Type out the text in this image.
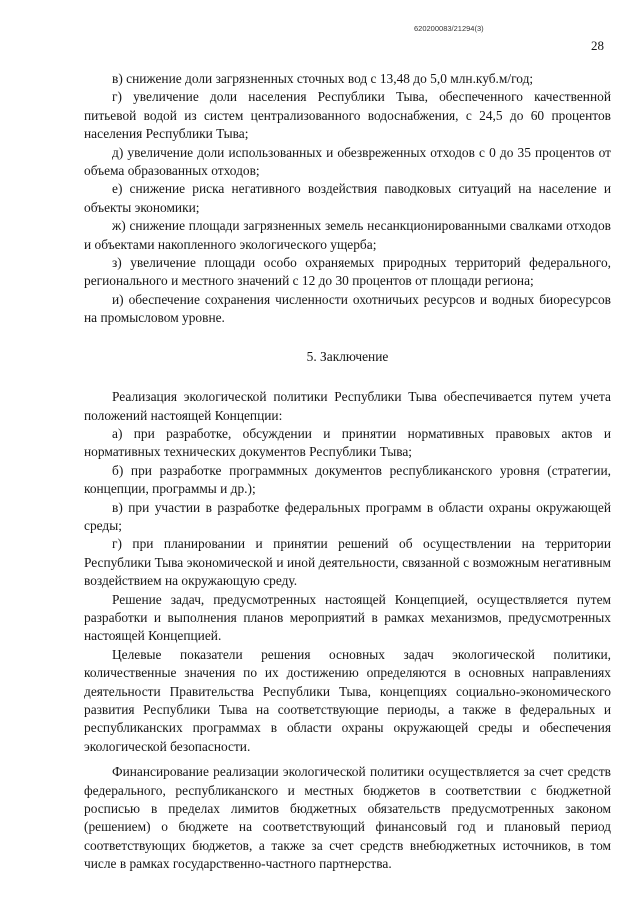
620200083/21294(3)
28

в) снижение доли загрязненных сточных вод с 13,48 до 5,0 млн.куб.м/год;

г) увеличение доли населения Республики Тыва, обеспеченного качественной питьевой водой из систем централизованного водоснабжения, с 24,5 до 60 процентов населения Республики Тыва;

д) увеличение доли использованных и обезвреженных отходов с 0 до 35 процентов от объема образованных отходов;

е) снижение риска негативного воздействия паводковых ситуаций на население и объекты экономики;

ж) снижение площади загрязненных земель несанкционированными свалками отходов и объектами накопленного экологического ущерба;

з) увеличение площади особо охраняемых природных территорий федерального, регионального и местного значений с 12 до 30 процентов от площади региона;

и) обеспечение сохранения численности охотничьих ресурсов и водных биоресурсов на промысловом уровне.

5. Заключение

Реализация экологической политики Республики Тыва обеспечивается путем учета положений настоящей Концепции:

а) при разработке, обсуждении и принятии нормативных правовых актов и нормативных технических документов Республики Тыва;

б) при разработке программных документов республиканского уровня (стратегии, концепции, программы и др.);

в) при участии в разработке федеральных программ в области охраны окружающей среды;

г) при планировании и принятии решений об осуществлении на территории Республики Тыва экономической и иной деятельности, связанной с возможным негативным воздействием на окружающую среду.

Решение задач, предусмотренных настоящей Концепцией, осуществляется путем разработки и выполнения планов мероприятий в рамках механизмов, предусмотренных настоящей Концепцией.

Целевые показатели решения основных задач экологической политики, количественные значения по их достижению определяются в основных направлениях деятельности Правительства Республики Тыва, концепциях социально-экономического развития Республики Тыва на соответствующие периоды, а также в федеральных и республиканских программах в области охраны окружающей среды и обеспечения экологической безопасности.

Финансирование реализации экологической политики осуществляется за счет средств федерального, республиканского и местных бюджетов в соответствии с бюджетной росписью в пределах лимитов бюджетных обязательств предусмотренных законом (решением) о бюджете на соответствующий финансовый год и плановый период соответствующих бюджетов, а также за счет средств внебюджетных источников, в том числе в рамках государственно-частного партнерства.
